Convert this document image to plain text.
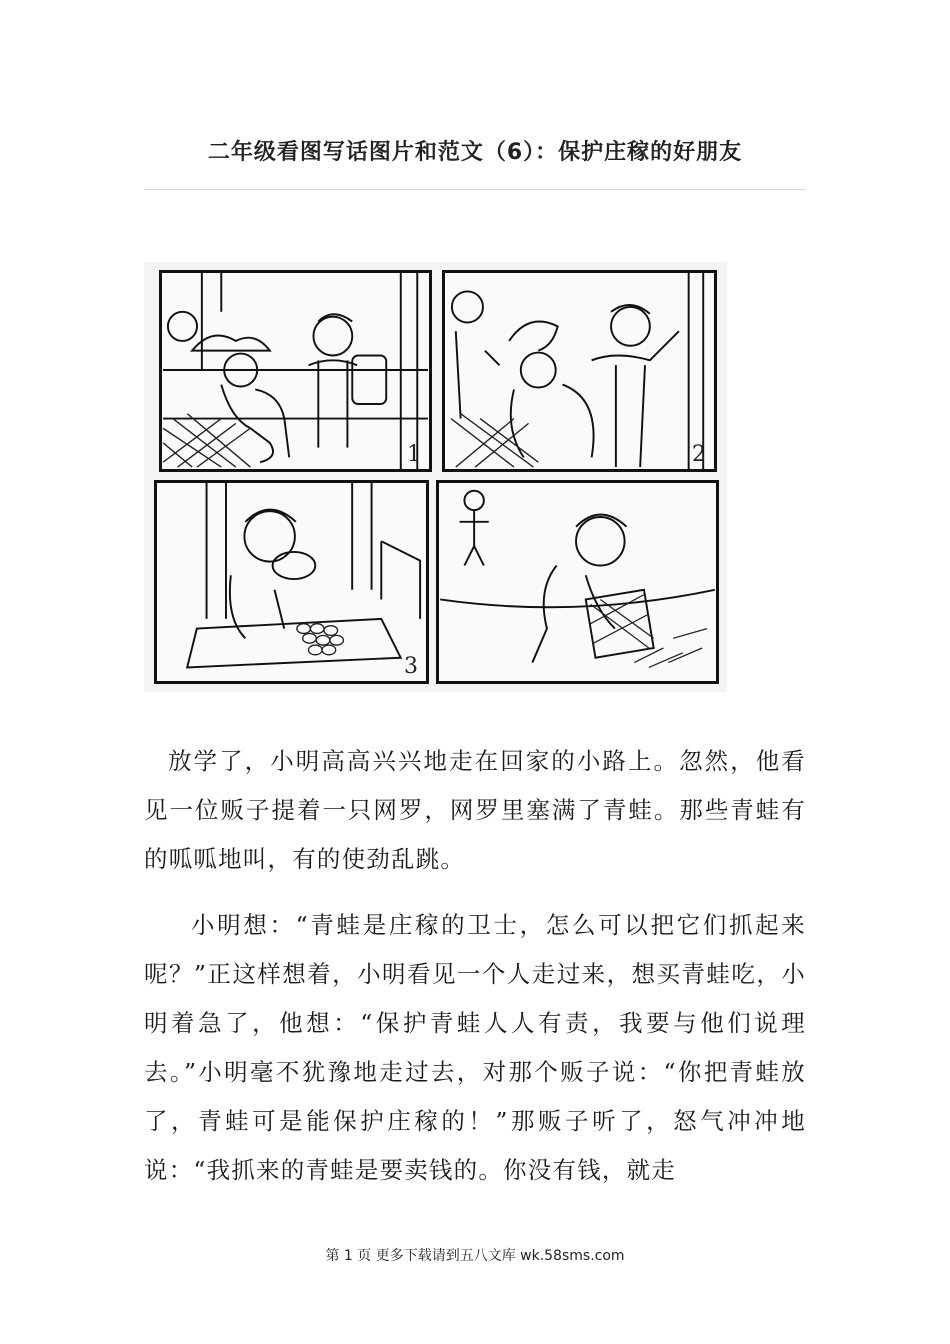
二年级看图写话图片和范文（6）：保护庄稼的好朋友
1	2
3
放学了，小明高高兴兴地走在回家的小路上。忽然，他看见一位贩子提着一只网罗，网罗里塞满了青蛙。那些青蛙有的呱呱地叫，有的使劲乱跳。
小明想：“青蛙是庄稼的卫士，怎么可以把它们抓起来呢？”正这样想着，小明看见一个人走过来，想买青蛙吃，小明着急了，他想：“保护青蛙人人有责，我要与他们说理去。”小明毫不犹豫地走过去，对那个贩子说：“你把青蛙放了，青蛙可是能保护庄稼的！”那贩子听了，怒气冲冲地说：“我抓来的青蛙是要卖钱的。你没有钱，就走
第 1 页 更多下载请到五八文库 wk.58sms.com
